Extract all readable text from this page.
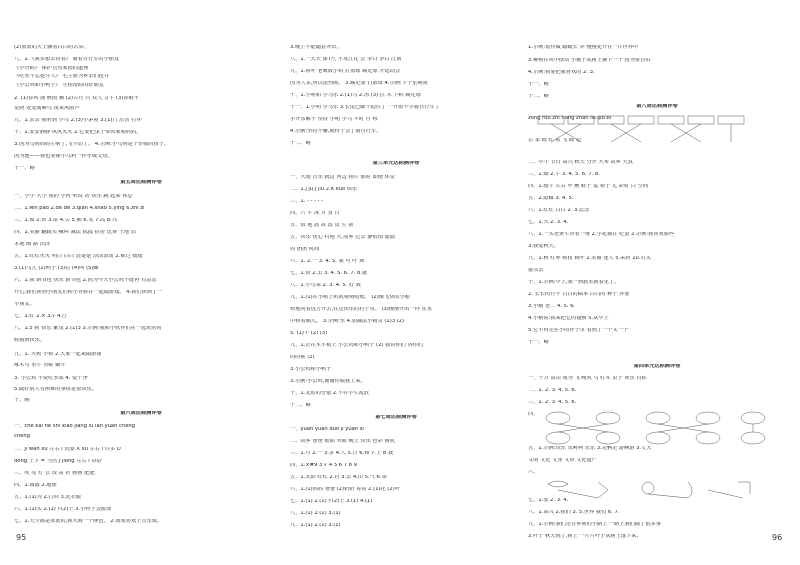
(2)蓝蓝的天上飘着白白的云朵。
八、1.《我多想去看看》 骑着自行车的小朋友
《小青蛙》 保护自然家园的道理
《吃水不忘挖井人》 毛主席为乡亲们挖井
《小公鸡和小鸭子》 互相帮助的好朋友
2. (1)春风 蒲 秋雨 飘 (2)古月 吕 双人 言午 (3)春眠不
觉晓 处处闻啼鸟 夜来风雨声
九、1.亲亲 我听到 小鸟 2.(3)小茅屋 3.(1)门 厉害 打坏
十、1.安安静静 风风火火 2.它要把虫子带回家喂妈妈。
3.因为乌鸦妈妈生病了,飞不动了。 4.示例:小乌鸦是个孝敬的孩子,
因为他——我也要像小乌鸦一样孝敬父母。
十一、略
第五周达标测评卷
一、小小 大小 我的 小河 听说 话 快乐 跳 起来 休息
二、1.fēn pǎo 2.dé de 3.qiān 4.shǎo 5.yǐng 6.zhī zǐ
三、1.船 2.伙 3.苗 4.尖 5.鹅 6.笑 7.高 8.兴
四、1.美丽 翻跟头 喊叫 减法 孤孤 搭房 比赛 土地 沼
木地 细 路 沼泽
五、1.红红火火 明白 白白 清楚楚 活活泼泼 2.难过 缓缓
3.(1)马儿 (2)鸭子 (3)拉 (4)叫 (5)蜂
六、1.我 新书包 快乐 新书包 2.因为今天小公鸡不能再 有意思
开心,我们读到小朋友们和小青蛙在一起做游戏。 4.我们读到了一
小朋友。
七、1.红 2.× 3.√ 4.○
八、1.5 树 快乐 繁茂 2.(1)3 3.示例:我和小伙伴们在一起玩的时
候感到快乐。
九、1. 大树 小树 2.大家一起来做游戏
啄木鸟 水牛 青蛙 蜗牛
3. 小公鸡 不爱吃水果 4. 爱干净
5.做好别人有困难的事情是很快乐。
十、略
第六周达标测评卷
一、chē kāi hé shí xiǎo jiāng lǜ lǎn yuǎn chéng
chéng
二、jǐ wan xu 左右 l 玩耍 X xu 左右 l 许多 D
dong 上下 = 当然 J jiong 左右 l 讲话
三、吹 亮 灯 公 饭 站 折 画画 肥肥
四、1.圆圆 2.地球
五、1.(1)为 2.打回 3.洗衣服
六、1.(1)头 2.(1)下(2)上 3.小鸭子会游泳
七、1.天空都是蓝蓝的,和大海一个颜色。 2.姐姐喜欢上音乐课。
3.晚上不能随意外出。
八、1.一天天 深T尺 不及江花 尝 李白 李白 江南
九、1.荷叶 老鹰数小鸡 打篮球 踢足球 开运动会
因为人多,所以很热闹。 3.踢足球 打篮球 4.示例:下个星期我
十、1.小明和 小马乐 2.(1)马 2.汤 (3) 拉 木 下鞋 踢足球
十一、1.小明 小马乐 3.长尾巴脚十稳住了 一开始不学骑自行车了
小开亲解不 坚持 小明 小马 平时 自 练
4.示例:坚持不懈,就终于会了骑自行车。
十二、略
第三单元达标测评卷
一、大地 音乐 就这 河边 相片 那时 即使 休觉
二、1.j ju J jiu 2.K kuo 快乐
三、1. - - - - -
四、六 平 冰 月 直 日
五、饭 地 鼓 故 改 皮 生 我
五、快乐 忧心 村地 大 故乡 过去 静悄悄 溜溜
的 团团 时间
六、1. 2.一 3. 4. 5. 我 可 叶 舞
七、1.快 2.去 3. 4. 5. 6. 7. 8.就
八、1.小鸟来 2. 3. 4. 5. 好 数
九、1.(1)在小树上叽叽喳喳唱歌。 (2)像飞快的小船
轻地向着远方开去,在这快乐的村子里。 (3)像掰开的一样 在水
中转着圈儿。 3.示例:水 4.加减法小精灵 (1)3 (2)
5. (1)不 (2) (3)
九、1.正在木平板上 小公鸡和小鸭子 (2) 我讲你们 讲你们
的时候 (2)
3.小公鸡和小鸭子
3.示例:小公鸡,谢谢你救我上来。
十、1.友谊的分量 2.不许学生乱放
十二、略
第七周达标测评卷
一、yuàn yuàn duǒ jī yuán sī
二、故乡 爸爸 歌曲 外面 晚上 快乐 色彩 商机
三、1.月 2.一 3.多 4.人 5.日 6.和 7.上 8.我
四、1.×#9 3 √ 4 5 6 7 8 9
五、1.太阳 红红 2.自 3.去 4.山 5.气 6.朵
六、1.(1)妈妈 爸爸 (2)奶奶 哥哥 2.(1)花 (2)叶
七、1.(1) 2.(1)下(2)上 3.(1) 4.(1)
八、1.(1) 2.(1) 3.(1)
九、1.(1) 2.(1) 3.(1)
1.示例:很待做 蜡蜡长 穿 慢慢花开在一片世界中
3.柳树在风中摆动 小猴子从树上摘下一个 因为要自由
4.示例:我要把我喜欢的 2. 3.
十一、略
十二、略
第八周达标测评卷
zōng rou zhǐ hóng zhān fēi pò bì
总 柔 纸 红 站 飞 破 必
二、中午 节日 高兴 秋天 分开 大米 故乡 天真
三、1.烟 2.午 3. 4. 5. 6. 7. 8.
四、1.缓午 左右 甲 鲤 蛙子 麦 筷子 尤 彩虹 白 空间
五、2.隐藏 3. 4. 5.
六、1.红红 白白 2. 3.思念
七、1.大 2. 3. 4.
八、1.一头老黄牛背着一堆 2.小花猫在 吃蛋 2.示例:我喜欢那些
3.我爱秋天。
九、1.秋 红枣 树枝 树叶 2.美丽 迷人 5.采药 10.石头
接头去
十、1.示例:早上,我一到教室就看见了。
2. 长长的竹竿 白白的糯米 白白的 种子 外婆
3.小鹅 老二 4. 5. 6.
4.小鹅说:我来把它的翅膀 5.从早上
5.它不再走在小的伴子里 看到了一个又一个
十一、略
第四单元达标测评卷
一、千万 高山 成为 飞 晚风 马 红军 虫子 欢乐 目标
二、1. 2. 3. 4. 5. 6.
三、1. 2. 3. 4. 5. 6.
四、
五、1.示例:玩乐 乐呵呵 乐乐 3.走啊走 游啊游 3.丈夫
文明 文化 文身 文章 文化遗产
六、
七、1.张 2. 3. 4.
八、1.高兴 2.我们 3. 5.世界 我们 6. 7.
九、1.示例:我们走在乡间的小路上 一路上我们做了很多事
3.叶子 秋天到了,树上 一片片叶子从树上落下来。
95	96
